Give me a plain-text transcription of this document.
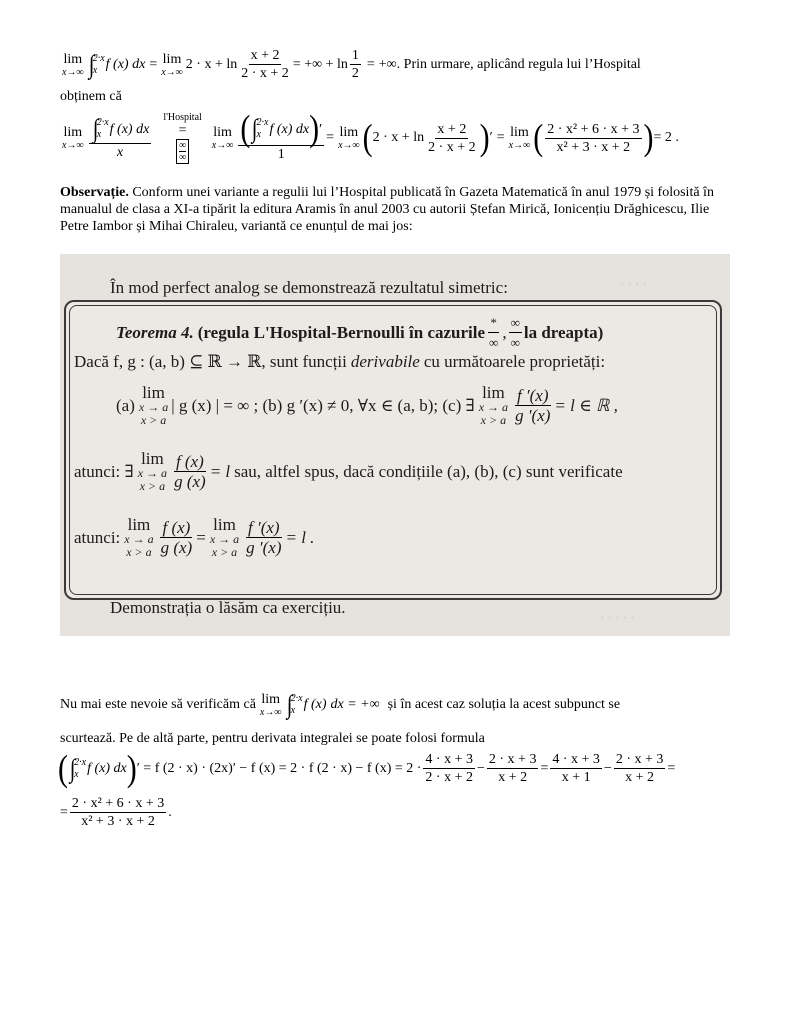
lim
x→∞ ∫
2·x
x f (x) dx = lim
x→∞
$2 \cdot x + \ln \frac{x + 2}{2 \cdot x + 2}$ = +∞ + $\ln \frac{1}{2}$ = +∞ . Prin urmare, aplicând regula lui l’Hospital
obținem că
lim
x→∞ ∫
2·x
x f (x) dx
x l'Hospital
=
∞
∞
lim
x→∞ ( ∫
2·x
x f (x) dx ) ′
1 = lim
x→∞ ( $2 \cdot x + \ln \frac{x + 2}{2 \cdot x + 2}$ ) ′ = lim
x→∞ ( $\frac{\text{2 · x² + 6 · x + 3}}{\text{x² + 3 · x + 2}}$ ) = 2 .
Observație. Conform unei variante a regulii lui l’Hospital publicată în Gazeta Matematică în anul 1979 și folosită în manualul de clasa a XI-a tipărit la editura Aramis în anul 2003 cu autorii Ștefan Mirică, Ionicențiu Drăghicescu, Ilie Petre Iambor și Mihai Chiraleu, variantă ce enunțul de mai jos:
· · · ·
· · · · ·
În mod perfect analog se demonstrează rezultatul simetric:
Teorema 4. (regula L'Hospital-Bernoulli în cazurile $\frac{*}{\infty}$ , $\frac{\infty}{\infty}$ la dreapta)
Dacă f, g : (a, b) ⊆ ℝ → ℝ, sunt funcții derivabile cu următoarele proprietăți:
(a)
lim
x → a
x > a
| g (x) | = ∞ ; (b) g ′(x) ≠ 0, ∀x ∈ (a, b); (c) ∃
lim
x → a
x > a $\frac{f '(x)}{g '(x)} = l$ ∈ ℝ ,
atunci: ∃
lim
x → a
x > a $\frac{f (x)}{g (x)} = l$ sau, altfel spus, dacă condițiile (a), (b), (c) sunt verificate
atunci:
lim
x → a
x > a $\frac{f (x)}{g (x)}$ =
lim
x → a
x > a $\frac{f '(x)}{g '(x)} = l$ .
Demonstrația o lăsăm ca exercițiu.
Nu mai este nevoie să verificăm că lim
x→∞ ∫
2·x
x f (x) dx = +∞ și în acest caz soluția la acest subpunct se
scurtează. Pe de altă parte, pentru derivata integralei se poate folosi formula
( ∫
2·x
x f (x) dx ) ′ = f (2 · x) · (2x)′ − f (x) = 2 · f (2 · x) − f $(x) = 2 \cdot \frac{4 \cdot x + 3}{2 \cdot x + 2} - \frac{2 \cdot x + 3}{x + 2} = \frac{4 \cdot x + 3}{x + 1} - \frac{2 \cdot x + 3}{x + 2}$ =
= $\frac{\text{2 · x² + 6 · x + 3}}{\text{x² + 3 · x + 2}}$ .
